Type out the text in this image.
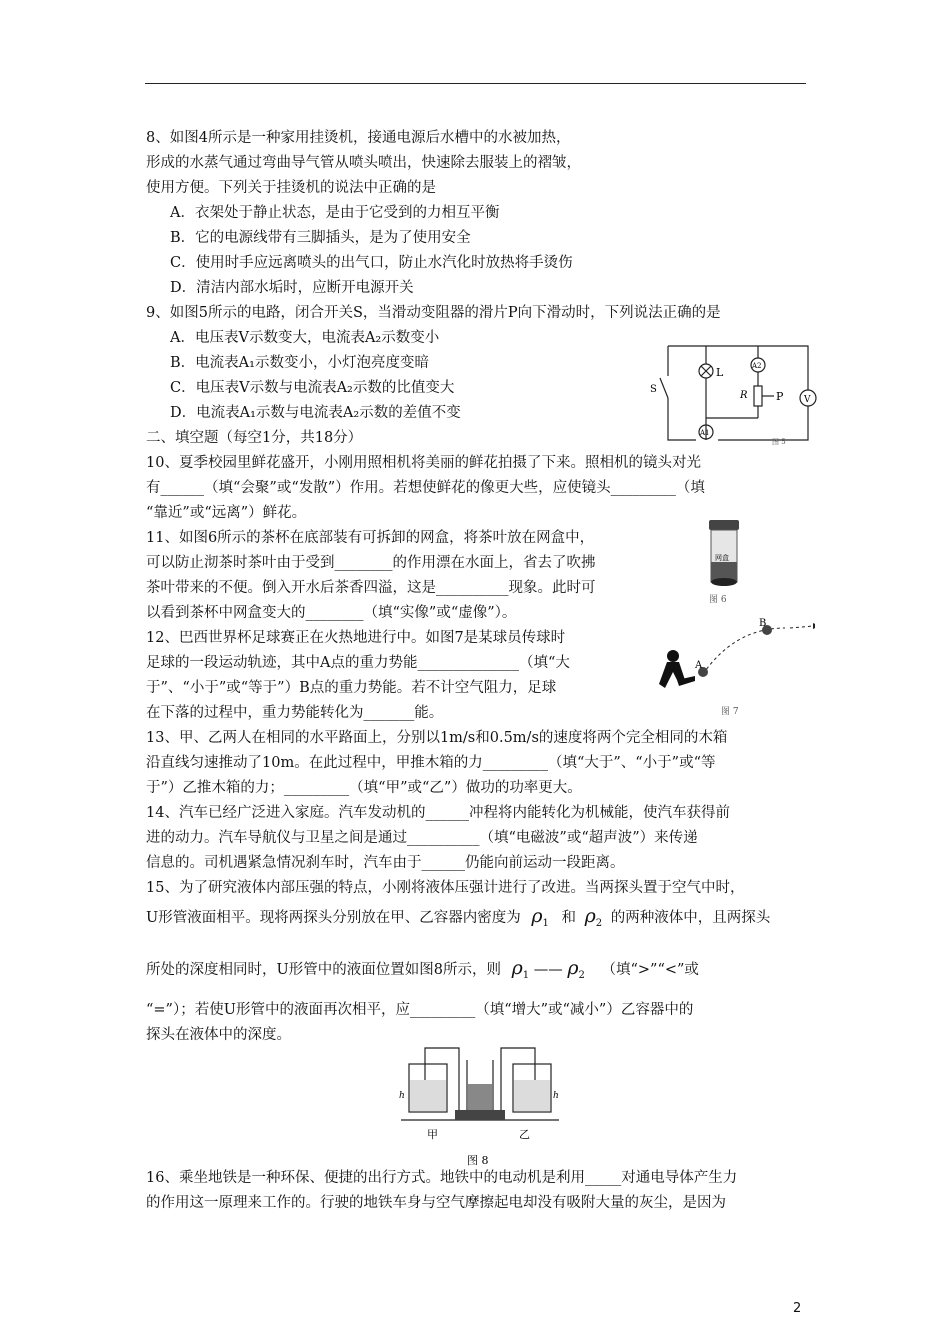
8、如图4所示是一种家用挂烫机，接通电源后水槽中的水被加热，
形成的水蒸气通过弯曲导气管从喷头喷出，快速除去服装上的褶皱，
使用方便。下列关于挂烫机的说法中正确的是
A．衣架处于静止状态，是由于它受到的力相互平衡
B．它的电源线带有三脚插头，是为了使用安全
C．使用时手应远离喷头的出气口，防止水汽化时放热将手烫伤
D．清洁内部水垢时，应断开电源开关
9、如图5所示的电路，闭合开关S，当滑动变阻器的滑片P向下滑动时，下列说法正确的是
A．电压表V示数变大，电流表A₂示数变小
B．电流表A₁示数变小，小灯泡亮度变暗
C．电压表V示数与电流表A₂示数的比值变大
D．电流表A₁示数与电流表A₂示数的差值不变
二、填空题（每空1分，共18分）
10、夏季校园里鲜花盛开，小刚用照相机将美丽的鲜花拍摄了下来。照相机的镜头对光
有______（填“会聚”或“发散”）作用。若想使鲜花的像更大些，应使镜头_________（填
“靠近”或“远离”）鲜花。
11、如图6所示的茶杯在底部装有可拆卸的网盒，将茶叶放在网盒中，
可以防止沏茶时茶叶由于受到________的作用漂在水面上，省去了吹拂
茶叶带来的不便。倒入开水后茶香四溢，这是__________现象。此时可
以看到茶杯中网盒变大的________（填“实像”或“虚像”）。
12、巴西世界杯足球赛正在火热地进行中。如图7是某球员传球时
足球的一段运动轨迹，其中A点的重力势能______________（填“大
于”、“小于”或“等于”）B点的重力势能。若不计空气阻力，足球
在下落的过程中，重力势能转化为_______能。
13、甲、乙两人在相同的水平路面上，分别以1m/s和0.5m/s的速度将两个完全相同的木箱
沿直线匀速推动了10m。在此过程中，甲推木箱的力_________（填“大于”、“小于”或“等
于”）乙推木箱的力；_________（填“甲”或“乙”）做功的功率更大。
14、汽车已经广泛进入家庭。汽车发动机的______冲程将内能转化为机械能，使汽车获得前
进的动力。汽车导航仪与卫星之间是通过__________（填“电磁波”或“超声波”）来传递
信息的。司机遇紧急情况刹车时，汽车由于______仍能向前运动一段距离。
15、为了研究液体内部压强的特点，小刚将液体压强计进行了改进。当两探头置于空气中时，
U形管液面相平。现将两探头分别放在甲、乙容器内密度为 $\rho_1$ 和 $\rho_2$ 的两种液体中，且两探头
所处的深度相同时，U形管中的液面位置如图8所示，则 $\rho_1$ —— $\rho_2$ （填“>”“<”或
“=”）；若使U形管中的液面再次相平，应_________（填“增大”或“减小”）乙容器中的
探头在液体中的深度。
16、乘坐地铁是一种环保、便捷的出行方式。地铁中的电动机是利用_____对通电导体产生力
的作用这一原理来工作的。行驶的地铁车身与空气摩擦起电却没有吸附大量的灰尘，是因为
2
L
R	P
S
V
A2
A1
图 5
网盒
图 6
A
B
图 7
h	h
甲	乙
图 8
